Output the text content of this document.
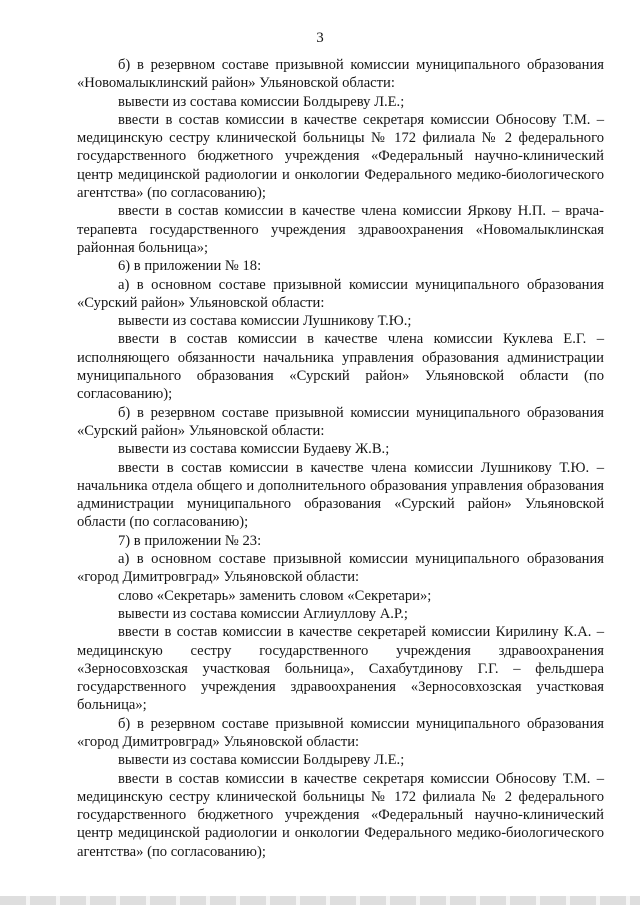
3

б) в резервном составе призывной комиссии муниципального образования «Новомалыклинский район» Ульяновской области:

вывести из состава комиссии Болдыреву Л.Е.;

ввести в состав комиссии в качестве секретаря комиссии Обносову Т.М. – медицинскую сестру клинической больницы № 172 филиала № 2 федерального государственного бюджетного учреждения «Федеральный научно-клинический центр медицинской радиологии и онкологии Федерального медико-биологического агентства» (по согласованию);

ввести в состав комиссии в качестве члена комиссии Яркову Н.П. – врача-терапевта государственного учреждения здравоохранения «Новомалыклинская районная больница»;

6) в приложении № 18:

а) в основном составе призывной комиссии муниципального образования «Сурский район» Ульяновской области:

вывести из состава комиссии Лушникову Т.Ю.;

ввести в состав комиссии в качестве члена комиссии Куклева Е.Г. – исполняющего обязанности начальника управления образования администрации муниципального образования «Сурский район» Ульяновской области (по согласованию);

б) в резервном составе призывной комиссии муниципального образования «Сурский район» Ульяновской области:

вывести из состава комиссии Будаеву Ж.В.;

ввести в состав комиссии в качестве члена комиссии Лушникову Т.Ю. – начальника отдела общего и дополнительного образования управления образования администрации муниципального образования «Сурский район» Ульяновской области (по согласованию);

7) в приложении № 23:

а) в основном составе призывной комиссии муниципального образования «город Димитровград» Ульяновской области:

слово «Секретарь» заменить словом «Секретари»;

вывести из состава комиссии Аглиуллову А.Р.;

ввести в состав комиссии в качестве секретарей комиссии Кирилину К.А. – медицинскую сестру государственного учреждения здравоохранения «Зерносовхозская участковая больница», Сахабутдинову Г.Г. – фельдшера государственного учреждения здравоохранения «Зерносовхозская участковая больница»;

б) в резервном составе призывной комиссии муниципального образования «город Димитровград» Ульяновской области:

вывести из состава комиссии Болдыреву Л.Е.;

ввести в состав комиссии в качестве секретаря комиссии Обносову Т.М. – медицинскую сестру клинической больницы № 172 филиала № 2 федерального государственного бюджетного учреждения «Федеральный научно-клинический центр медицинской радиологии и онкологии Федерального медико-биологического агентства» (по согласованию);
